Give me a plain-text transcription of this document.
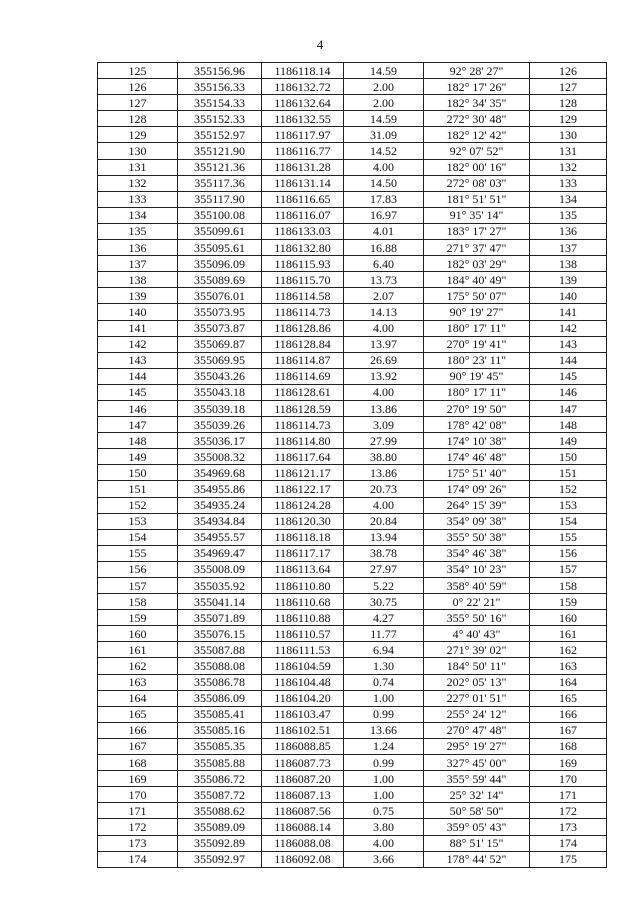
4
125	355156.96	1186118.14	14.59	92° 28' 27"	126
126	355156.33	1186132.72	2.00	182° 17' 26"	127
127	355154.33	1186132.64	2.00	182° 34' 35"	128
128	355152.33	1186132.55	14.59	272° 30' 48"	129
129	355152.97	1186117.97	31.09	182° 12' 42"	130
130	355121.90	1186116.77	14.52	92° 07' 52"	131
131	355121.36	1186131.28	4.00	182° 00' 16"	132
132	355117.36	1186131.14	14.50	272° 08' 03"	133
133	355117.90	1186116.65	17.83	181° 51' 51"	134
134	355100.08	1186116.07	16.97	91° 35' 14"	135
135	355099.61	1186133.03	4.01	183° 17' 27"	136
136	355095.61	1186132.80	16.88	271° 37' 47"	137
137	355096.09	1186115.93	6.40	182° 03' 29"	138
138	355089.69	1186115.70	13.73	184° 40' 49"	139
139	355076.01	1186114.58	2.07	175° 50' 07"	140
140	355073.95	1186114.73	14.13	90° 19' 27"	141
141	355073.87	1186128.86	4.00	180° 17' 11"	142
142	355069.87	1186128.84	13.97	270° 19' 41"	143
143	355069.95	1186114.87	26.69	180° 23' 11"	144
144	355043.26	1186114.69	13.92	90° 19' 45"	145
145	355043.18	1186128.61	4.00	180° 17' 11"	146
146	355039.18	1186128.59	13.86	270° 19' 50"	147
147	355039.26	1186114.73	3.09	178° 42' 08"	148
148	355036.17	1186114.80	27.99	174° 10' 38"	149
149	355008.32	1186117.64	38.80	174° 46' 48"	150
150	354969.68	1186121.17	13.86	175° 51' 40"	151
151	354955.86	1186122.17	20.73	174° 09' 26"	152
152	354935.24	1186124.28	4.00	264° 15' 39"	153
153	354934.84	1186120.30	20.84	354° 09' 38"	154
154	354955.57	1186118.18	13.94	355° 50' 38"	155
155	354969.47	1186117.17	38.78	354° 46' 38"	156
156	355008.09	1186113.64	27.97	354° 10' 23"	157
157	355035.92	1186110.80	5.22	358° 40' 59"	158
158	355041.14	1186110.68	30.75	0° 22' 21"	159
159	355071.89	1186110.88	4.27	355° 50' 16"	160
160	355076.15	1186110.57	11.77	4° 40' 43"	161
161	355087.88	1186111.53	6.94	271° 39' 02"	162
162	355088.08	1186104.59	1.30	184° 50' 11"	163
163	355086.78	1186104.48	0.74	202° 05' 13"	164
164	355086.09	1186104.20	1.00	227° 01' 51"	165
165	355085.41	1186103.47	0.99	255° 24' 12"	166
166	355085.16	1186102.51	13.66	270° 47' 48"	167
167	355085.35	1186088.85	1.24	295° 19' 27"	168
168	355085.88	1186087.73	0.99	327° 45' 00"	169
169	355086.72	1186087.20	1.00	355° 59' 44"	170
170	355087.72	1186087.13	1.00	25° 32' 14"	171
171	355088.62	1186087.56	0.75	50° 58' 50"	172
172	355089.09	1186088.14	3.80	359° 05' 43"	173
173	355092.89	1186088.08	4.00	88° 51' 15"	174
174	355092.97	1186092.08	3.66	178° 44' 52"	175
